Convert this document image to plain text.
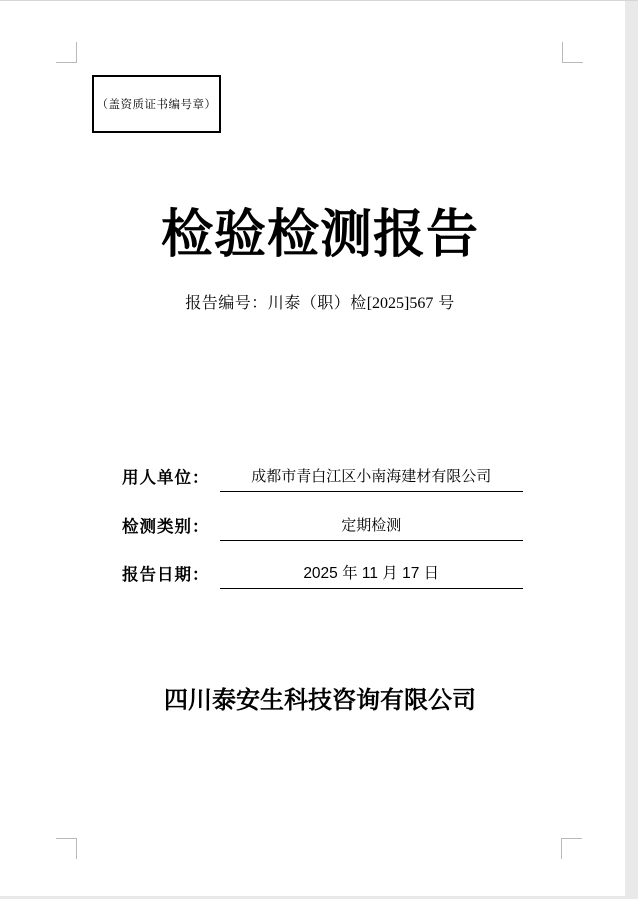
（盖资质证书编号章）
检验检测报告
报告编号：川泰（职）检[2025]567 号
用人单位：	成都市青白江区小南海建材有限公司
检测类别：	定期检测
报告日期：	2025 年 11 月 17 日
四川泰安生科技咨询有限公司
